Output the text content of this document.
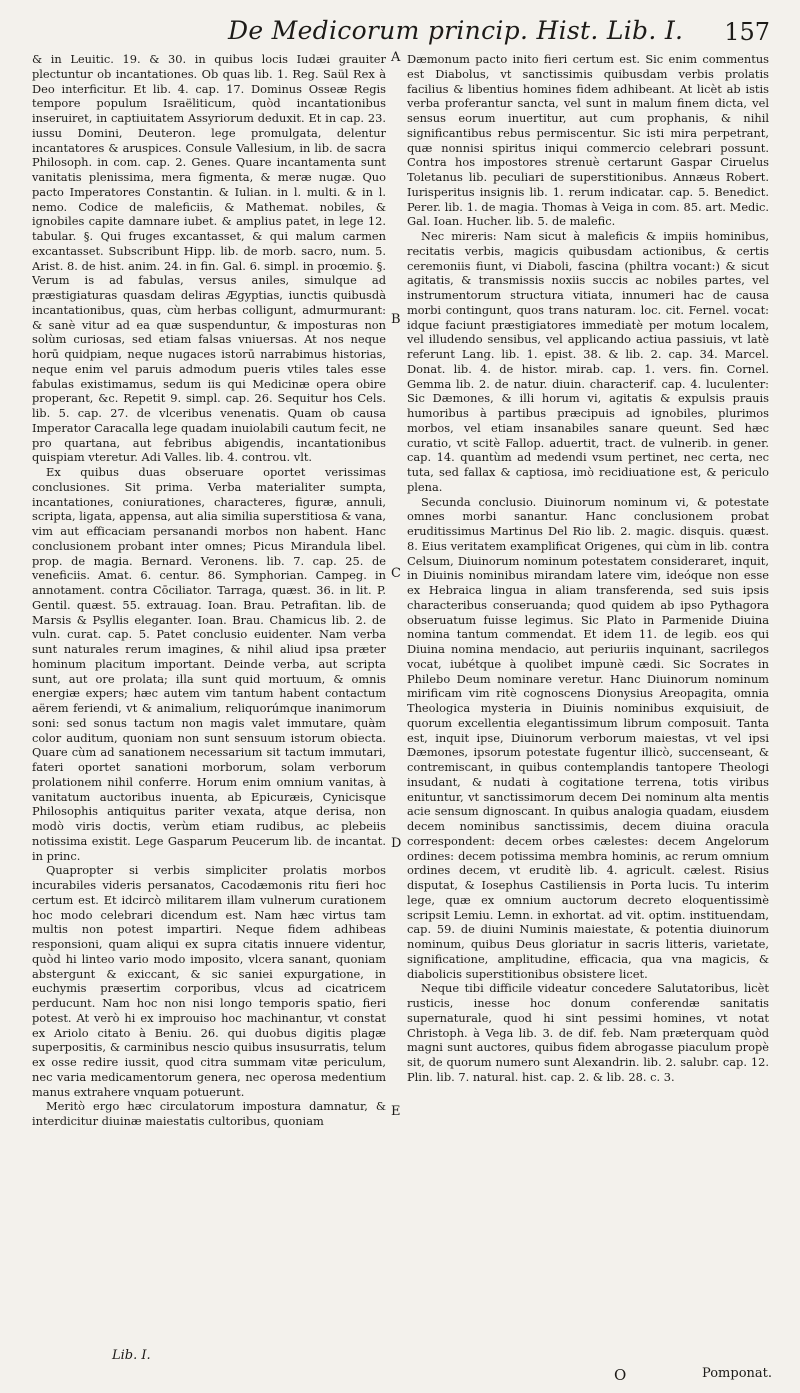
De Medicorum princip. Hist. Lib. I. 157

& in Leuitic. 19. & 30. in quibus locis Iudæi grauiter plectuntur ob incantationes. Ob quas lib. 1. Reg. Saül Rex à Deo interficitur. Et lib. 4. cap. 17. Dominus Osseæ Regis tempore populum Israëliticum, quòd incantationibus inseruiret, in captiuitatem Assyriorum deduxit. Et in cap. 23. iussu Domini, Deuteron. lege promulgata, delentur incantatores & aruspices. Consule Vallesium, in lib. de sacra Philosoph. in com. cap. 2. Genes. Quare incantamenta sunt vanitatis plenissima, mera figmenta, & meræ nugæ. Quo pacto Imperatores Constantin. & Iulian. in l. multi. & in l. nemo. Codice de maleficiis, & Mathemat. nobiles, & ignobiles capite damnare iubet. & amplius patet, in lege 12. tabular. §. Qui fruges excantasset, & qui malum carmen excantasset. Subscribunt Hipp. lib. de morb. sacro, num. 5. Arist. 8. de hist. anim. 24. in fin. Gal. 6. simpl. in proœmio. §. Verum is ad fabulas, versus aniles, simulque ad præstigiaturas quasdam deliras Ægyptias, iunctis quibusdà incantationibus, quas, cùm herbas colligunt, admurmurant: & sanè vitur ad ea quæ suspenduntur, & imposturas non solùm curiosas, sed etiam falsas vniuersas. At nos neque horū quidpiam, neque nugaces istorū narrabimus historias, neque enim vel paruis admodum pueris vtiles tales esse fabulas existimamus, sedum iis qui Medicinæ opera obire properant, &c. Repetit 9. simpl. cap. 26. Sequitur hos Cels. lib. 5. cap. 27. de vlceribus venenatis. Quam ob causa Imperator Caracalla lege quadam inuiolabili cautum fecit, ne pro quartana, aut febribus abigendis, incantationibus quispiam vteretur. Adi Valles. lib. 4. controu. vlt.

Ex quibus duas obseruare oportet verissimas conclusiones. Sit prima. Verba materialiter sumpta, incantationes, coniurationes, characteres, figuræ, annuli, scripta, ligata, appensa, aut alia similia superstitiosa & vana, vim aut efficaciam persanandi morbos non habent. Hanc conclusionem probant inter omnes; Picus Mirandula libel. prop. de magia. Bernard. Veronens. lib. 7. cap. 25. de veneficiis. Amat. 6. centur. 86. Symphorian. Campeg. in annotament. contra Cōciliator. Tarraga, quæst. 36. in lit. P. Gentil. quæst. 55. extrauag. Ioan. Brau. Petrafitan. lib. de Marsis & Psyllis eleganter. Ioan. Brau. Chamicus lib. 2. de vuln. curat. cap. 5. Patet conclusio euidenter. Nam verba sunt naturales rerum imagines, & nihil aliud ipsa præter hominum placitum important. Deinde verba, aut scripta sunt, aut ore prolata; illa sunt quid mortuum, & omnis energiæ expers; hæc autem vim tantum habent contactum aërem feriendi, vt & animalium, reliquorúmque inanimorum soni: sed sonus tactum non magis valet immutare, quàm color auditum, quoniam non sunt sensuum istorum obiecta. Quare cùm ad sanationem necessarium sit tactum immutari, fateri oportet sanationi morborum, solam verborum prolationem nihil conferre. Horum enim omnium vanitas, à vanitatum auctoribus inuenta, ab Epicuræis, Cynicisque Philosophis antiquitus pariter vexata, atque derisa, non modò viris doctis, verùm etiam rudibus, ac plebeiis notissima existit. Lege Gasparum Peucerum lib. de incantat. in princ.

Quapropter si verbis simpliciter prolatis morbos incurabiles videris persanatos, Cacodæmonis ritu fieri hoc certum est. Et idcircò militarem illam vulnerum curationem hoc modo celebrari dicendum est. Nam hæc virtus tam multis non potest impartiri. Neque fidem adhibeas responsioni, quam aliqui ex supra citatis innuere videntur, quòd hi linteo vario modo imposito, vlcera sanant, quoniam abstergunt & exiccant, & sic saniei expurgatione, in euchymis præsertim corporibus, vlcus ad cicatricem perducunt. Nam hoc non nisi longo temporis spatio, fieri potest. At verò hi ex improuiso hoc machinantur, vt constat ex Ariolo citato à Beniu. 26. qui duobus digitis plagæ superpositis, & carminibus nescio quibus insusurratis, telum ex osse redire iussit, quod citra summam vitæ periculum, nec varia medicamentorum genera, nec operosa medentium manus extrahere vnquam potuerunt.

Meritò ergo hæc circulatorum impostura damnatur, & interdicitur diuinæ maiestatis cultoribus, quoniam

A
B
C
D
E

Dæmonum pacto inito fieri certum est. Sic enim commentus est Diabolus, vt sanctissimis quibusdam verbis prolatis facilius & libentius homines fidem adhibeant. At licèt ab istis verba proferantur sancta, vel sunt in malum finem dicta, vel sensus eorum inuertitur, aut cum prophanis, & nihil significantibus rebus permiscentur. Sic isti mira perpetrant, quæ nonnisi spiritus iniqui commercio celebrari possunt. Contra hos impostores strenuè certarunt Gaspar Ciruelus Toletanus lib. peculiari de superstitionibus. Annæus Robert. Iurisperitus insignis lib. 1. rerum indicatar. cap. 5. Benedict. Perer. lib. 1. de magia. Thomas à Veiga in com. 85. art. Medic. Gal. Ioan. Hucher. lib. 5. de malefic.

Nec mireris: Nam sicut à maleficis & impiis hominibus, recitatis verbis, magicis quibusdam actionibus, & certis ceremoniis fiunt, vi Diaboli, fascina (philtra vocant:) & sicut agitatis, & transmissis noxiis succis ac nobiles partes, vel instrumentorum structura vitiata, innumeri hac de causa morbi contingunt, quos trans naturam. loc. cit. Fernel. vocat: idque faciunt præstigiatores immediatè per motum localem, vel illudendo sensibus, vel applicando actiua passiuis, vt latè referunt Lang. lib. 1. epist. 38. & lib. 2. cap. 34. Marcel. Donat. lib. 4. de histor. mirab. cap. 1. vers. fin. Cornel. Gemma lib. 2. de natur. diuin. characterif. cap. 4. luculenter: Sic Dæmones, & illi horum vi, agitatis & expulsis prauis humoribus à partibus præcipuis ad ignobiles, plurimos morbos, vel etiam insanabiles sanare queunt. Sed hæc curatio, vt scitè Fallop. aduertit, tract. de vulnerib. in gener. cap. 14. quantùm ad medendi vsum pertinet, nec certa, nec tuta, sed fallax & captiosa, imò recidiuatione est, & periculo plena.

Secunda conclusio. Diuinorum nominum vi, & potestate omnes morbi sanantur. Hanc conclusionem probat eruditissimus Martinus Del Rio lib. 2. magic. disquis. quæst. 8. Eius veritatem examplificat Origenes, qui cùm in lib. contra Celsum, Diuinorum nominum potestatem consideraret, inquit, in Diuinis nominibus mirandam latere vim, ideóque non esse ex Hebraica lingua in aliam transferenda, sed suis ipsis characteribus conseruanda; quod quidem ab ipso Pythagora obseruatum fuisse legimus. Sic Plato in Parmenide Diuina nomina tantum commendat. Et idem 11. de legib. eos qui Diuina nomina mendacio, aut periuriis inquinant, sacrilegos vocat, iubétque à quolibet impunè cædi. Sic Socrates in Philebo Deum nominare veretur. Hanc Diuinorum nominum mirificam vim ritè cognoscens Dionysius Areopagita, omnia Theologica mysteria in Diuinis nominibus exquisiuit, de quorum excellentia elegantissimum librum composuit. Tanta est, inquit ipse, Diuinorum verborum maiestas, vt vel ipsi Dæmones, ipsorum potestate fugentur illicò, succenseant, & contremiscant, in quibus contemplandis tantopere Theologi insudant, & nudati à cogitatione terrena, totis viribus enituntur, vt sanctissimorum decem Dei nominum alta mentis acie sensum dignoscant. In quibus analogia quadam, eiusdem decem nominibus sanctissimis, decem diuina oracula correspondent: decem orbes cælestes: decem Angelorum ordines: decem potissima membra hominis, ac rerum omnium ordines decem, vt eruditè lib. 4. agricult. cælest. Risius disputat, & Iosephus Castiliensis in Porta lucis. Tu interim lege, quæ ex omnium auctorum decreto eloquentissimè scripsit Lemiu. Lemn. in exhortat. ad vit. optim. instituendam, cap. 59. de diuini Numinis maiestate, & potentia diuinorum nominum, quibus Deus gloriatur in sacris litteris, varietate, significatione, amplitudine, efficacia, qua vna magicis, & diabolicis superstitionibus obsistere licet.

Neque tibi difficile videatur concedere Salutatoribus, licèt rusticis, inesse hoc donum conferendæ sanitatis supernaturale, quod hi sint pessimi homines, vt notat Christoph. à Vega lib. 3. de dif. feb. Nam præterquam quòd magni sunt auctores, quibus fidem abrogasse piaculum propè sit, de quorum numero sunt Alexandrin. lib. 2. salubr. cap. 12. Plin. lib. 7. natural. hist. cap. 2. & lib. 28. c. 3.

Lib. I.
O	Pomponat.
